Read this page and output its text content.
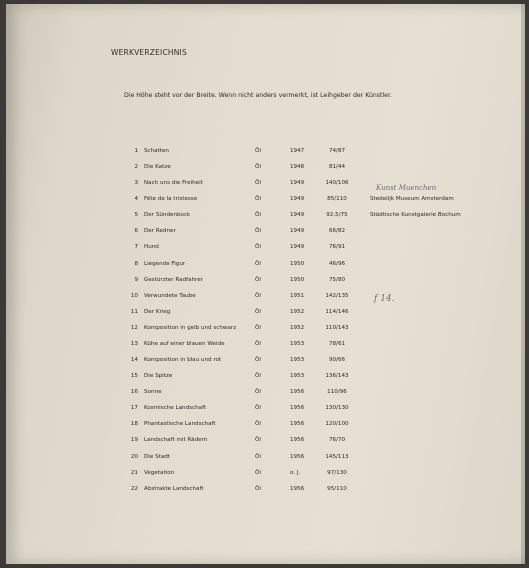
WERKVERZEICHNIS
Die Höhe steht vor der Breite. Wenn nicht anders vermerkt, ist Leihgeber der Künstler.
1 Schatten	Öl	1947	74/87
2 Die Katze	Öl	1948	81/44
3 Nach uns die Freiheit	Öl	1949	140/106
4 Fête de la tristesse	Öl	1949	85/110	Stedelijk Museum Amsterdam
5 Der Sündenbock	Öl	1949	92,5/75	Städtische Kunstgalerie Bochum
6 Der Redner	Öl	1949	66/82
7 Hund	Öl	1949	76/91
8 Liegende Figur	Öl	1950	46/96
9 Gestürzter Radfahrer	Öl	1950	75/80
10 Verwundete Taube	Öl	1951	142/135
11 Der Krieg	Öl	1952	114/146
12 Komposition in gelb und schwarz	Öl	1952	110/143
13 Kühe auf einer blauen Weide	Öl	1953	78/61
14 Komposition in blau und rot	Öl	1953	90/66
15 Die Spitze	Öl	1953	136/143
16 Sonne	Öl	1956	110/96
17 Kosmische Landschaft	Öl	1956	130/130
18 Phantastische Landschaft	Öl	1956	120/100
19 Landschaft mit Rädern	Öl	1956	76/70
20 Die Stadt	Öl	1956	145/113
21 Vegetation	Öl	o. J.	97/130
22 Abstrakte Landschaft	Öl	1956	95/110
Kunst Muenchen
f 14.
